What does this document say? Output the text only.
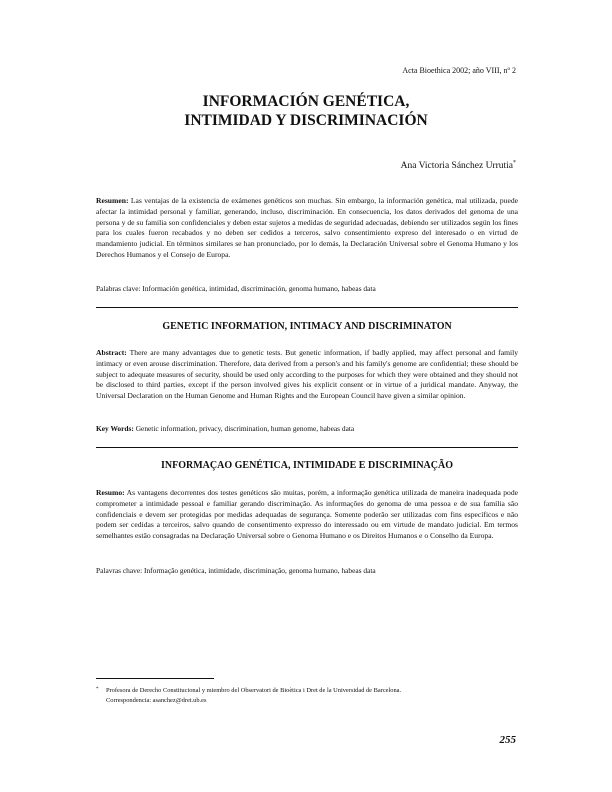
Acta Bioethica 2002; año VIII, nº 2
INFORMACIÓN GENÉTICA,
INTIMIDAD Y DISCRIMINACIÓN
Ana Victoria Sánchez Urrutia*
Resumen: Las ventajas de la existencia de exámenes genéticos son muchas. Sin embargo, la información genética, mal utilizada, puede afectar la intimidad personal y familiar, generando, incluso, discriminación. En consecuencia, los datos derivados del genoma de una persona y de su familia son confidenciales y deben estar sujetos a medidas de seguridad adecuadas, debiendo ser utilizados según los fines para los cuales fueron recabados y no deben ser cedidos a terceros, salvo consentimiento expreso del interesado o en virtud de mandamiento judicial. En términos similares se han pronunciado, por lo demás, la Declaración Universal sobre el Genoma Humano y los Derechos Humanos y el Consejo de Europa.
Palabras clave: Información genética, intimidad, discriminación, genoma humano, habeas data
GENETIC INFORMATION, INTIMACY AND DISCRIMINATON
Abstract: There are many advantages due to genetic tests. But genetic information, if badly applied, may affect personal and family intimacy or even arouse discrimination. Therefore, data derived from a person's and his family's genome are confidential; these should be subject to adequate measures of security, should be used only according to the purposes for which they were obtained and they should not be disclosed to third parties, except if the person involved gives his explicit consent or in virtue of a juridical mandate. Anyway, the Universal Declaration on the Human Genome and Human Rights and the European Council have given a similar opinion.
Key Words: Genetic information, privacy, discrimination, human genome, habeas data
INFORMAÇAO GENÉTICA, INTIMIDADE E DISCRIMINAÇÃO
Resumo: As vantagens decorrentes dos testes genéticos são muitas, porém, a informação genética utilizada de maneira inadequada pode comprometer a intimidade pessoal e familiar gerando discriminação. As informações do genoma de uma pessoa e de sua família são confidenciais e devem ser protegidas por medidas adequadas de segurança. Somente poderão ser utilizadas com fins específicos e não podem ser cedidas a terceiros, salvo quando de consentimento expresso do interessado ou em virtude de mandato judicial. Em termos semelhantes estão consagradas na Declaração Universal sobre o Genoma Humano e os Direitos Humanos e o Conselho da Europa.
Palavras chave: Informação genética, intimidade, discriminação, genoma humano, habeas data
* Profesora de Derecho Constitucional y miembro del Observatori de Bioètica i Dret de la Universidad de Barcelona.
Correspondencia: asanchez@dret.ub.es
255
